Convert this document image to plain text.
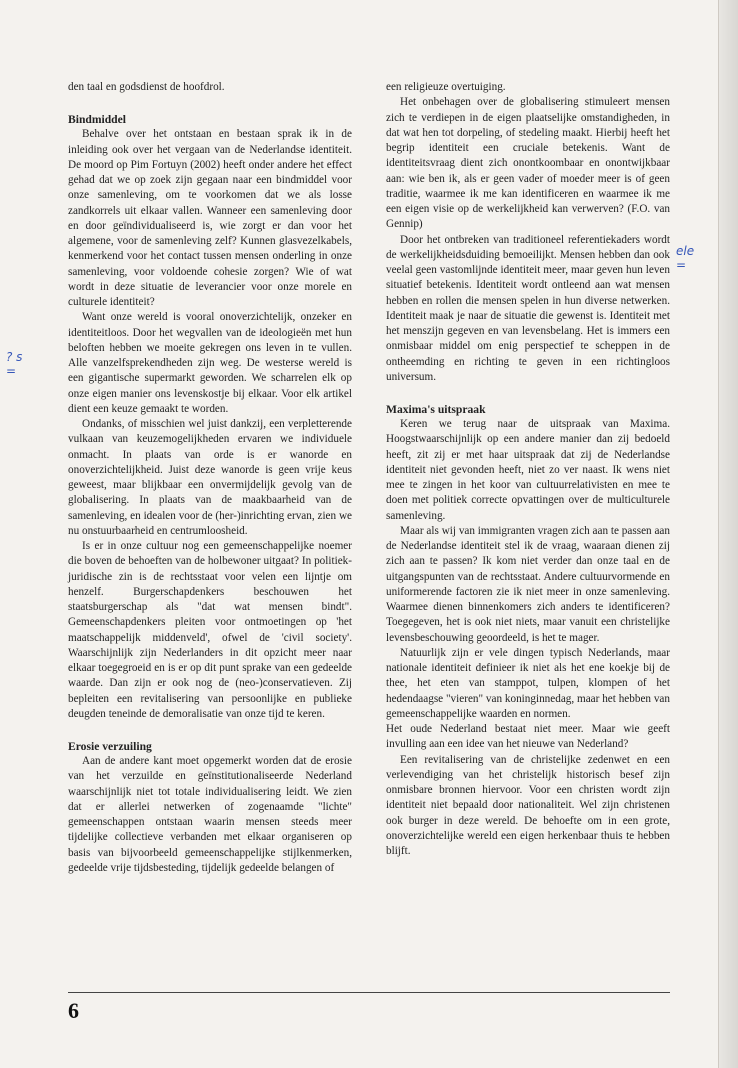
den taal en godsdienst de hoofdrol.

Bindmiddel

Behalve over het ontstaan en bestaan sprak ik in de inleiding ook over het vergaan van de Nederlandse identiteit. De moord op Pim Fortuyn (2002) heeft onder andere het effect gehad dat we op zoek zijn gegaan naar een bindmiddel voor onze samenleving, om te voorkomen dat we als losse zandkorrels uit elkaar vallen. Wanneer een samenleving door en door geïndividualiseerd is, wie zorgt er dan voor het algemene, voor de samenleving zelf? Kunnen glasvezelkabels, kenmerkend voor het contact tussen mensen onderling in onze samenleving, voor voldoende cohesie zorgen? Wie of wat wordt in deze situatie de leverancier voor onze morele en culturele identiteit?

Want onze wereld is vooral onoverzichtelijk, onzeker en identiteitloos. Door het wegvallen van de ideologieën met hun beloften hebben we moeite gekregen ons leven in te vullen. Alle vanzelfsprekendheden zijn weg. De westerse wereld is een gigantische supermarkt geworden. We scharrelen elk op onze eigen manier ons levenskostje bij elkaar. Voor elk artikel dient een keuze gemaakt te worden.

Ondanks, of misschien wel juist dankzij, een verpletterende vulkaan van keuzemogelijkheden ervaren we individuele onmacht. In plaats van orde is er wanorde en onoverzichtelijkheid. Juist deze wanorde is geen vrije keus geweest, maar blijkbaar een onvermijdelijk gevolg van de globalisering. In plaats van de maakbaarheid van de samenleving, en idealen voor de (her-)inrichting ervan, zien we nu onstuurbaarheid en centrumloosheid.

Is er in onze cultuur nog een gemeenschappelijke noemer die boven de behoeften van de holbewoner uitgaat? In politiek-juridische zin is de rechtsstaat voor velen een lijntje om henzelf. Burgerschapdenkers beschouwen het staatsburgerschap als "dat wat mensen bindt". Gemeenschapdenkers pleiten voor ontmoetingen op 'het maatschappelijk middenveld', ofwel de 'civil society'. Waarschijnlijk zijn Nederlanders in dit opzicht meer naar elkaar toegegroeid en is er op dit punt sprake van een gedeelde waarde. Dan zijn er ook nog de (neo-)conservatieven. Zij bepleiten een revitalisering van persoonlijke en publieke deugden teneinde de demoralisatie van onze tijd te keren.

Erosie verzuiling

Aan de andere kant moet opgemerkt worden dat de erosie van het verzuilde en geïnstitutionaliseerde Nederland waarschijnlijk niet tot totale individualisering leidt. We zien dat er allerlei netwerken of zogenaamde "lichte" gemeenschappen ontstaan waarin mensen steeds meer tijdelijke collectieve verbanden met elkaar organiseren op basis van bijvoorbeeld gemeenschappelijke stijlkenmerken, gedeelde vrije tijdsbesteding, tijdelijk gedeelde belangen of

een religieuze overtuiging.

Het onbehagen over de globalisering stimuleert mensen zich te verdiepen in de eigen plaatselijke omstandigheden, in dat wat hen tot dorpeling, of stedeling maakt. Hierbij heeft het begrip identiteit een cruciale betekenis. Want de identiteitsvraag dient zich onontkoombaar en onontwijkbaar aan: wie ben ik, als er geen vader of moeder meer is of geen traditie, waarmee ik me kan identificeren en waarmee ik me een eigen visie op de werkelijkheid kan verwerven? (F.O. van Gennip)

Door het ontbreken van traditioneel referentiekaders wordt de werkelijkheidsduiding bemoeilijkt. Mensen hebben dan ook veelal geen vastomlijnde identiteit meer, maar geven hun leven situatief betekenis. Identiteit wordt ontleend aan wat mensen hebben en rollen die mensen spelen in hun diverse netwerken. Identiteit maak je naar de situatie die gewenst is. Identiteit met het menszijn gegeven en van levensbelang. Het is immers een onmisbaar middel om enig perspectief te scheppen in de ontheemding en richting te geven in een richtingloos universum.

Maxima's uitspraak

Keren we terug naar de uitspraak van Maxima. Hoogstwaarschijnlijk op een andere manier dan zij bedoeld heeft, zit zij er met haar uitspraak dat zij de Nederlandse identiteit niet gevonden heeft, niet zo ver naast. Ik wens niet mee te zingen in het koor van cultuurrelativisten en mee te doen met politiek correcte opvattingen over de multiculturele samenleving.

Maar als wij van immigranten vragen zich aan te passen aan de Nederlandse identiteit stel ik de vraag, waaraan dienen zij zich aan te passen? Ik kom niet verder dan onze taal en de uitgangspunten van de rechtsstaat. Andere cultuurvormende en uniformerende factoren zie ik niet meer in onze samenleving. Waarmee dienen binnenkomers zich anders te identificeren? Toegegeven, het is ook niet niets, maar vanuit een christelijke levensbeschouwing geoordeeld, is het te mager.

Natuurlijk zijn er vele dingen typisch Nederlands, maar nationale identiteit definieer ik niet als het ene koekje bij de thee, het eten van stamppot, tulpen, klompen of het hedendaagse "vieren" van koninginnedag, maar het hebben van gemeenschappelijke waarden en normen.

Het oude Nederland bestaat niet meer. Maar wie geeft invulling aan een idee van het nieuwe van Nederland?

Een revitalisering van de christelijke zedenwet en een verlevendiging van het christelijk historisch besef zijn onmisbare bronnen hiervoor. Voor een christen wordt zijn identiteit niet bepaald door nationaliteit. Wel zijn christenen ook burger in deze wereld. De behoefte om in een grote, onoverzichtelijke wereld een eigen herkenbaar thuis te hebben blijft.

? s
=
ele
=
6
